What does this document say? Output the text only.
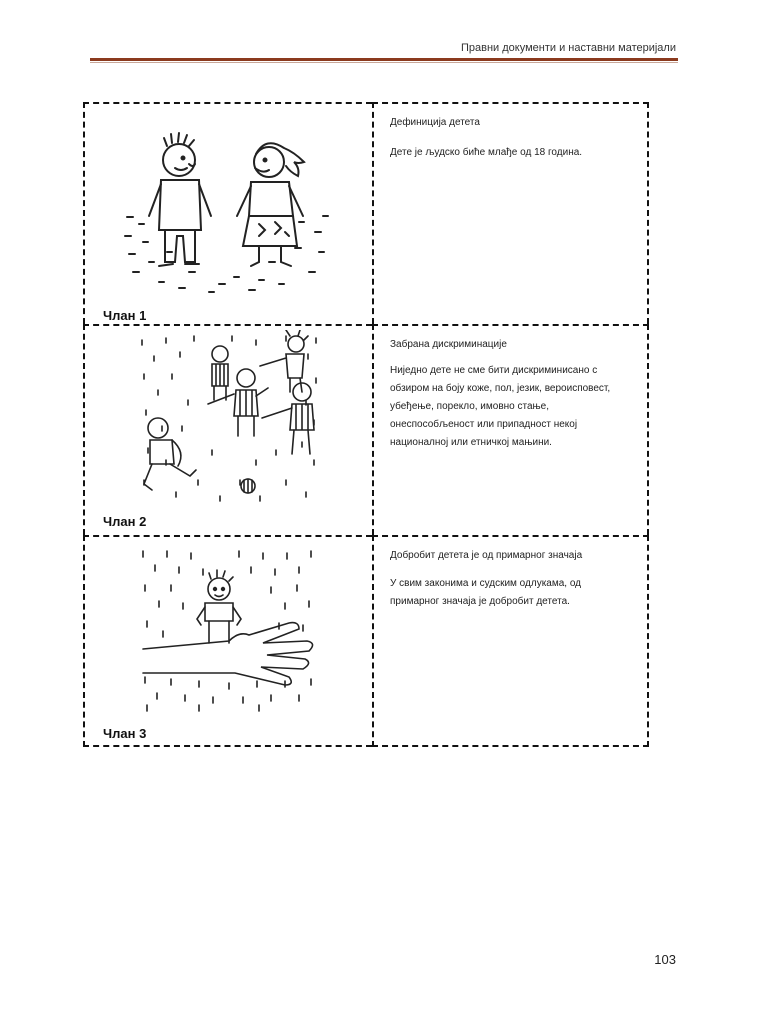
Правни документи и наставни материјали
Члан 1
Дефиниција детета
Дете је људско биће млађе од 18 година.
Члан 2
Забрана дискриминације
Ниједно дете не сме бити дискриминисано с обзиром на боју коже, пол, језик, вероисповест, убеђење, порекло, имовно стање, онеспособљеност или припадност некој националној или етничкој мањини.
Члан 3
Добробит детета је од примарног значаја
У свим законима и судским одлукама, од примарног значаја је добробит детета.
103
